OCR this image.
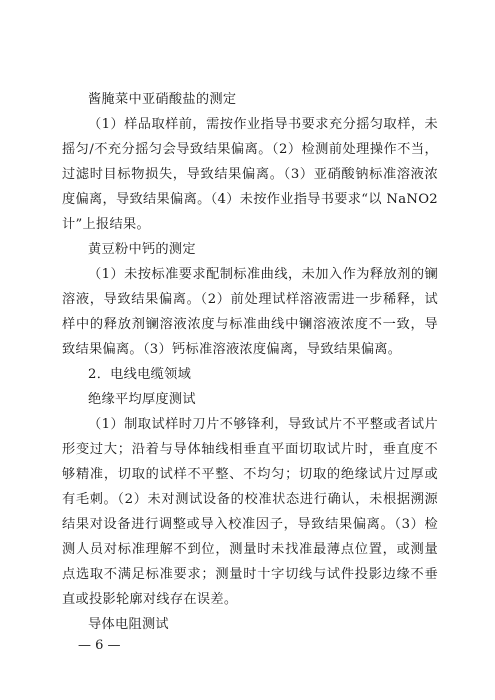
酱腌菜中亚硝酸盐的测定

（1）样品取样前，需按作业指导书要求充分摇匀取样，未摇匀/不充分摇匀会导致结果偏离。（2）检测前处理操作不当，过滤时目标物损失，导致结果偏离。（3）亚硝酸钠标准溶液浓度偏离，导致结果偏离。（4）未按作业指导书要求“以 NaNO2 计”上报结果。

黄豆粉中钙的测定

（1）未按标准要求配制标准曲线，未加入作为释放剂的镧溶液，导致结果偏离。（2）前处理试样溶液需进一步稀释，试样中的释放剂镧溶液浓度与标准曲线中镧溶液浓度不一致，导致结果偏离。（3）钙标准溶液浓度偏离，导致结果偏离。

2．电线电缆领域

绝缘平均厚度测试

（1）制取试样时刀片不够锋利，导致试片不平整或者试片形变过大；沿着与导体轴线相垂直平面切取试片时，垂直度不够精准，切取的试样不平整、不均匀；切取的绝缘试片过厚或有毛刺。（2）未对测试设备的校准状态进行确认，未根据溯源结果对设备进行调整或导入校准因子，导致结果偏离。（3）检测人员对标准理解不到位，测量时未找准最薄点位置，或测量点选取不满足标准要求；测量时十字切线与试件投影边缘不垂直或投影轮廓对线存在误差。

导体电阻测试

— 6 —
